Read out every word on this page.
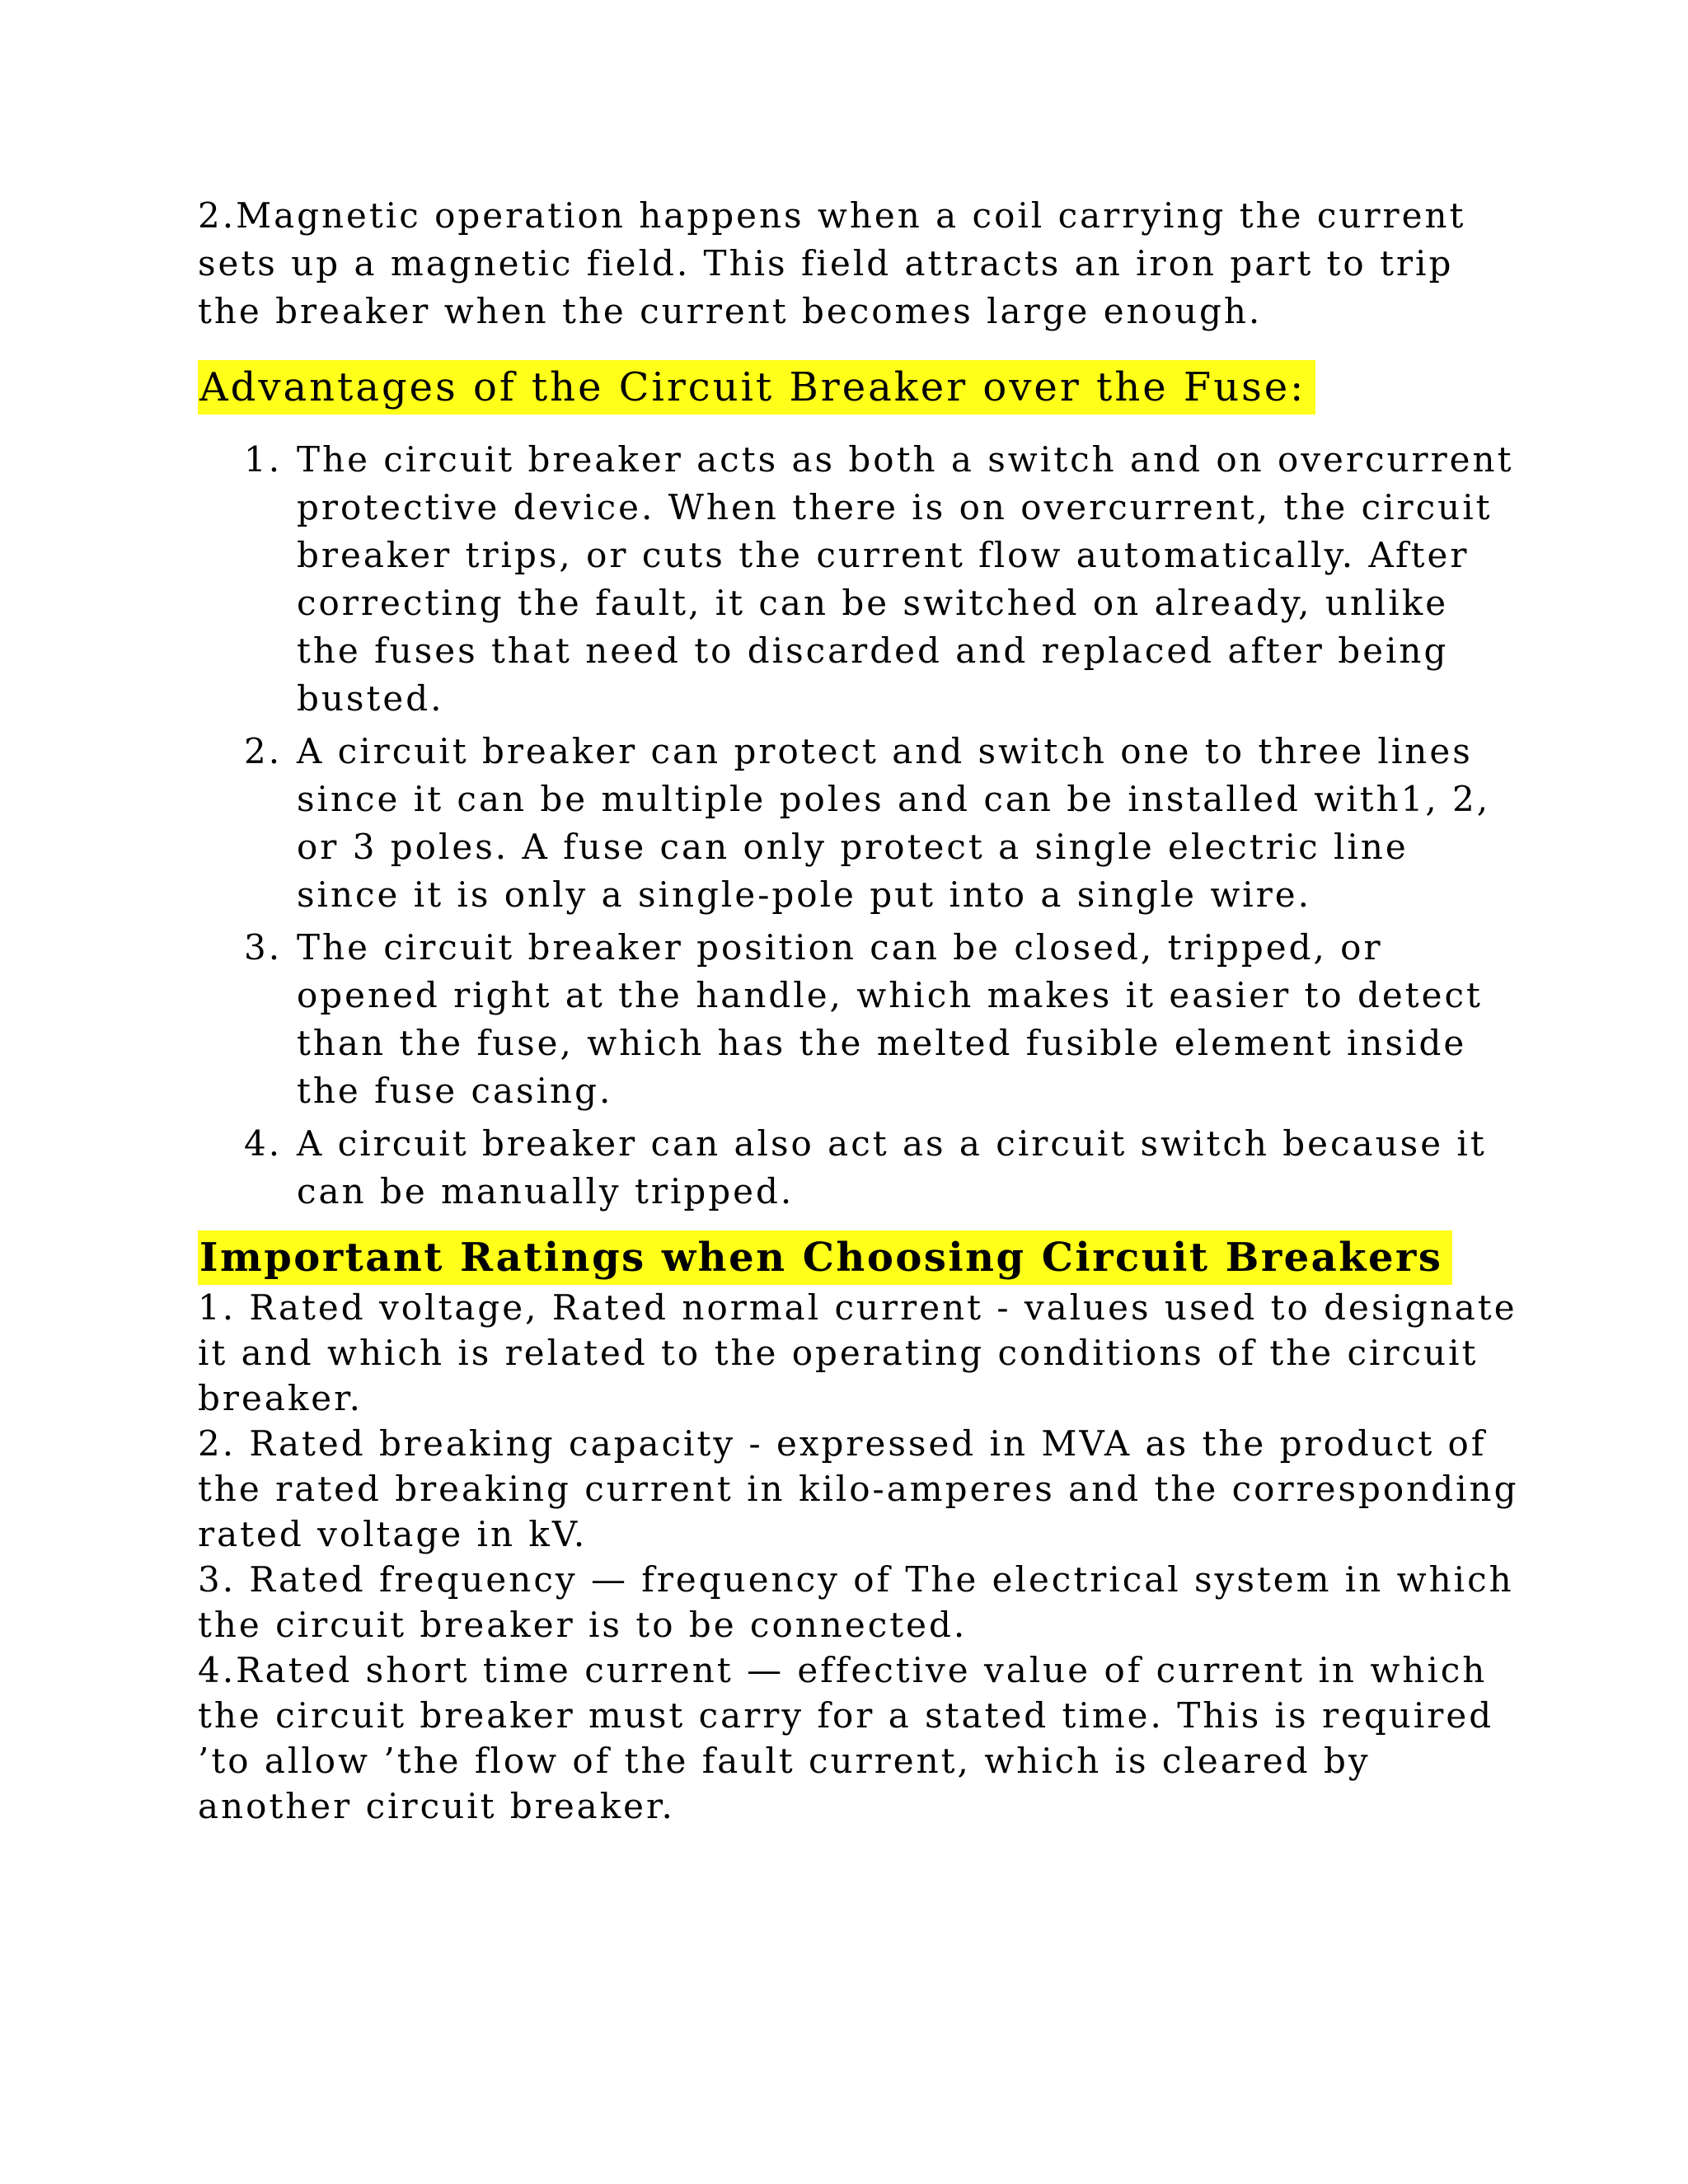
2.Magnetic operation happens when a coil carrying the current sets up a magnetic field. This field attracts an iron part to trip the breaker when the current becomes large enough.

Advantages of the Circuit Breaker over the Fuse:
1. The circuit breaker acts as both a switch and on overcurrent protective device. When there is on overcurrent, the circuit breaker trips, or cuts the current flow automatically. After correcting the fault, it can be switched on already, unlike the fuses that need to discarded and replaced after being busted.
2. A circuit breaker can protect and switch one to three lines since it can be multiple poles and can be installed with1, 2, or 3 poles. A fuse can only protect a single electric line since it is only a single-pole put into a single wire.
3. The circuit breaker position can be closed, tripped, or opened right at the handle, which makes it easier to detect than the fuse, which has the melted fusible element inside the fuse casing.
4. A circuit breaker can also act as a circuit switch because it can be manually tripped.
Important Ratings when Choosing Circuit Breakers

1. Rated voltage, Rated normal current - values used to designate it and which is related to the operating conditions of the circuit breaker.

2. Rated breaking capacity - expressed in MVA as the product of the rated breaking current in kilo-amperes and the corresponding rated voltage in kV.

3. Rated frequency — frequency of The electrical system in which the circuit breaker is to be connected.

4.Rated short time current — effective value of current in which the circuit breaker must carry for a stated time. This is required ’to allow ’the flow of the fault current, which is cleared by another circuit breaker.
